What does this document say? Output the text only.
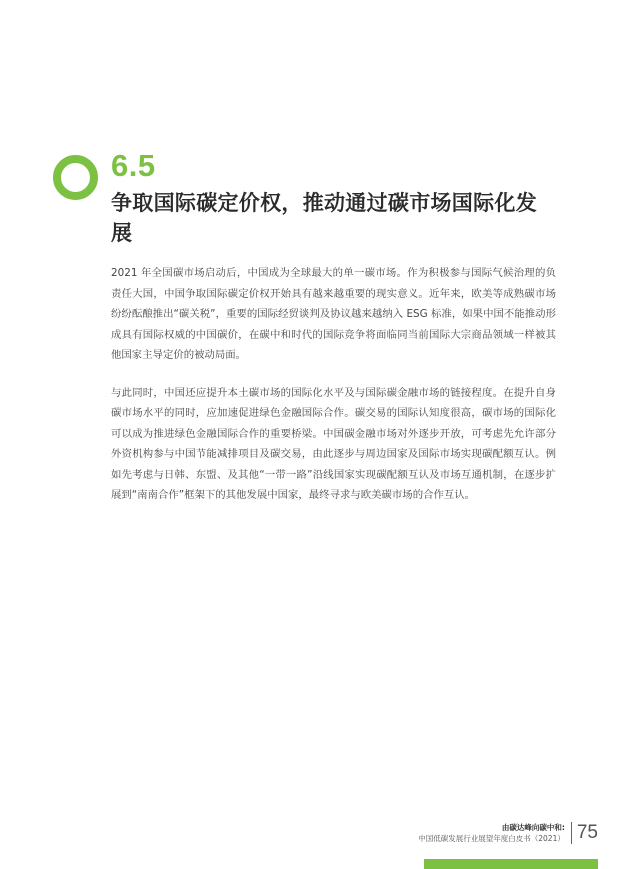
6.5
争取国际碳定价权，推动通过碳市场国际化发展

2021 年全国碳市场启动后，中国成为全球最大的单一碳市场。作为积极参与国际气候治理的负责任大国，中国争取国际碳定价权开始具有越来越重要的现实意义。近年来，欧美等成熟碳市场纷纷酝酿推出“碳关税”，重要的国际经贸谈判及协议越来越纳入 ESG 标准，如果中国不能推动形成具有国际权威的中国碳价，在碳中和时代的国际竞争将面临同当前国际大宗商品领域一样被其他国家主导定价的被动局面。

与此同时，中国还应提升本土碳市场的国际化水平及与国际碳金融市场的链接程度。在提升自身碳市场水平的同时，应加速促进绿色金融国际合作。碳交易的国际认知度很高，碳市场的国际化可以成为推进绿色金融国际合作的重要桥梁。中国碳金融市场对外逐步开放，可考虑先允许部分外资机构参与中国节能减排项目及碳交易，由此逐步与周边国家及国际市场实现碳配额互认。例如先考虑与日韩、东盟、及其他“一带一路”沿线国家实现碳配额互认及市场互通机制，在逐步扩展到“南南合作”框架下的其他发展中国家，最终寻求与欧美碳市场的合作互认。

由碳达峰向碳中和:
中国低碳发展行业展望年度白皮书（2021） 75
